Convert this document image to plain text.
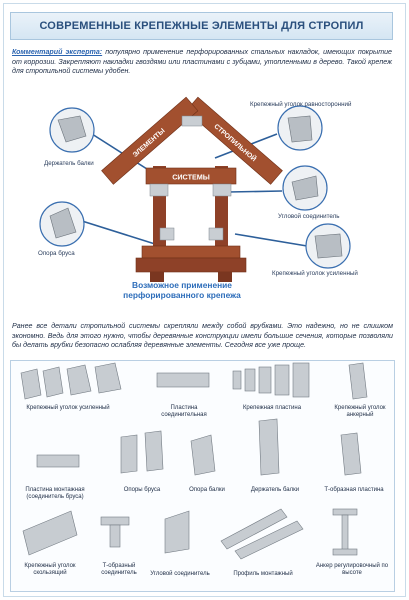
СОВРЕМЕННЫЕ КРЕПЕЖНЫЕ ЭЛЕМЕНТЫ ДЛЯ СТРОПИЛ

Комментарий эксперта: популярно применение перфорированных стальных накладок, имеющих покрытие от коррозии. Закрепляют накладки гвоздями или пластинами с зубцами, утопленными в дерево. Такой крепеж для стропильной системы удобен.

СИСТЕМЫ
СТРОПИЛЬНОЙ
ЭЛЕМЕНТЫ
Держатель балки
Опора бруса
Крепежный уголок равносторонний
Угловой соединитель
Крепежный уголок усиленный
Возможное применение перфорированного крепежа

Ранее все детали стропильной системы скрепляли между собой врубками. Это надежно, но не слишком экономно. Ведь для этого нужно, чтобы деревянные конструкции имели большие сечения, которые позволяли бы делать врубки безопасно ослабляя деревянные элементы. Сегодня все уже проще.

Крепежный уголок усиленный	Пластина соединительная
Крепежная пластина	Крепежный уголок анкерный
Пластина монтажная (соединитель бруса)
Опоры бруса	Опора балки	Держатель балки	Т-образная пластина
Крепежный уголок скользящий
Т-образный соединитель	Угловой соединитель	Профиль монтажный
Анкер регулировочный по высоте
